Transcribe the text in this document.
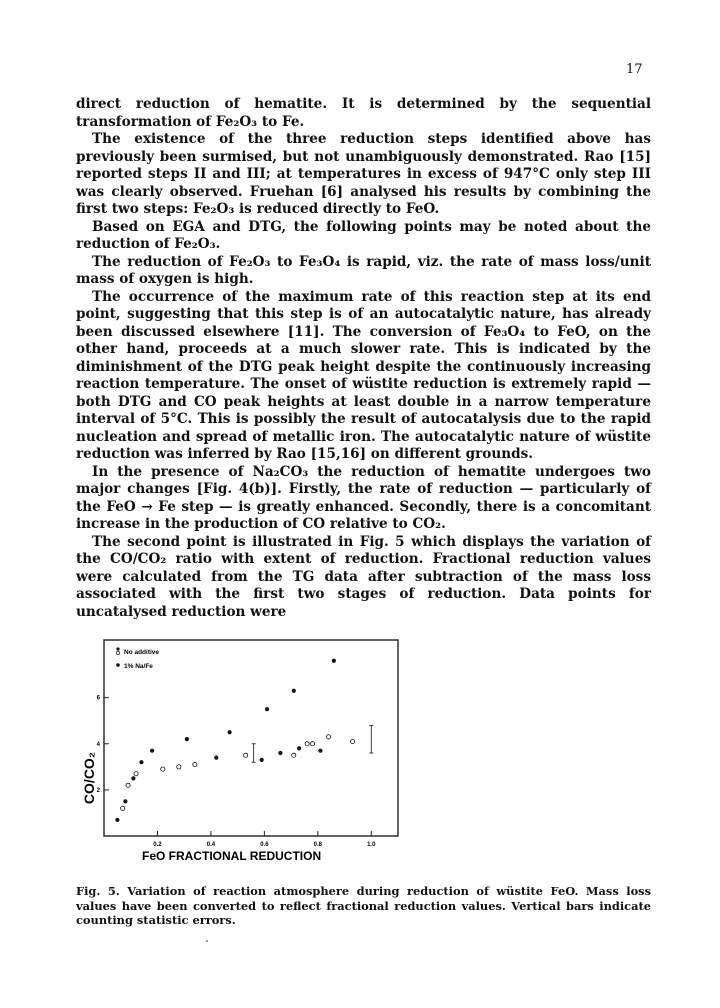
17

direct reduction of hematite. It is determined by the sequential transformation of Fe₂O₃ to Fe.

The existence of the three reduction steps identified above has previously been surmised, but not unambiguously demonstrated. Rao [15] reported steps II and III; at temperatures in excess of 947°C only step III was clearly observed. Fruehan [6] analysed his results by combining the first two steps: Fe₂O₃ is reduced directly to FeO.

Based on EGA and DTG, the following points may be noted about the reduction of Fe₂O₃.

The reduction of Fe₂O₃ to Fe₃O₄ is rapid, viz. the rate of mass loss/unit mass of oxygen is high.

The occurrence of the maximum rate of this reaction step at its end point, suggesting that this step is of an autocatalytic nature, has already been discussed elsewhere [11]. The conversion of Fe₃O₄ to FeO, on the other hand, proceeds at a much slower rate. This is indicated by the diminishment of the DTG peak height despite the continuously increasing reaction temperature. The onset of wüstite reduction is extremely rapid — both DTG and CO peak heights at least double in a narrow temperature interval of 5°C. This is possibly the result of autocatalysis due to the rapid nucleation and spread of metallic iron. The autocatalytic nature of wüstite reduction was inferred by Rao [15,16] on different grounds.

In the presence of Na₂CO₃ the reduction of hematite undergoes two major changes [Fig. 4(b)]. Firstly, the rate of reduction — particularly of the FeO → Fe step — is greatly enhanced. Secondly, there is a concomitant increase in the production of CO relative to CO₂.

The second point is illustrated in Fig. 5 which displays the variation of the CO/CO₂ ratio with extent of reduction. Fractional reduction values were calculated from the TG data after subtraction of the mass loss associated with the first two stages of reduction. Data points for uncatalysed reduction were

0.2	0.4	0.6	0.8	1.0
2
4
6
FeO FRACTIONAL REDUCTION
CO/CO₂
No additive
1% Na/Fe
Fig. 5. Variation of reaction atmosphere during reduction of wüstite FeO. Mass loss values have been converted to reflect fractional reduction values. Vertical bars indicate counting statistic errors.
